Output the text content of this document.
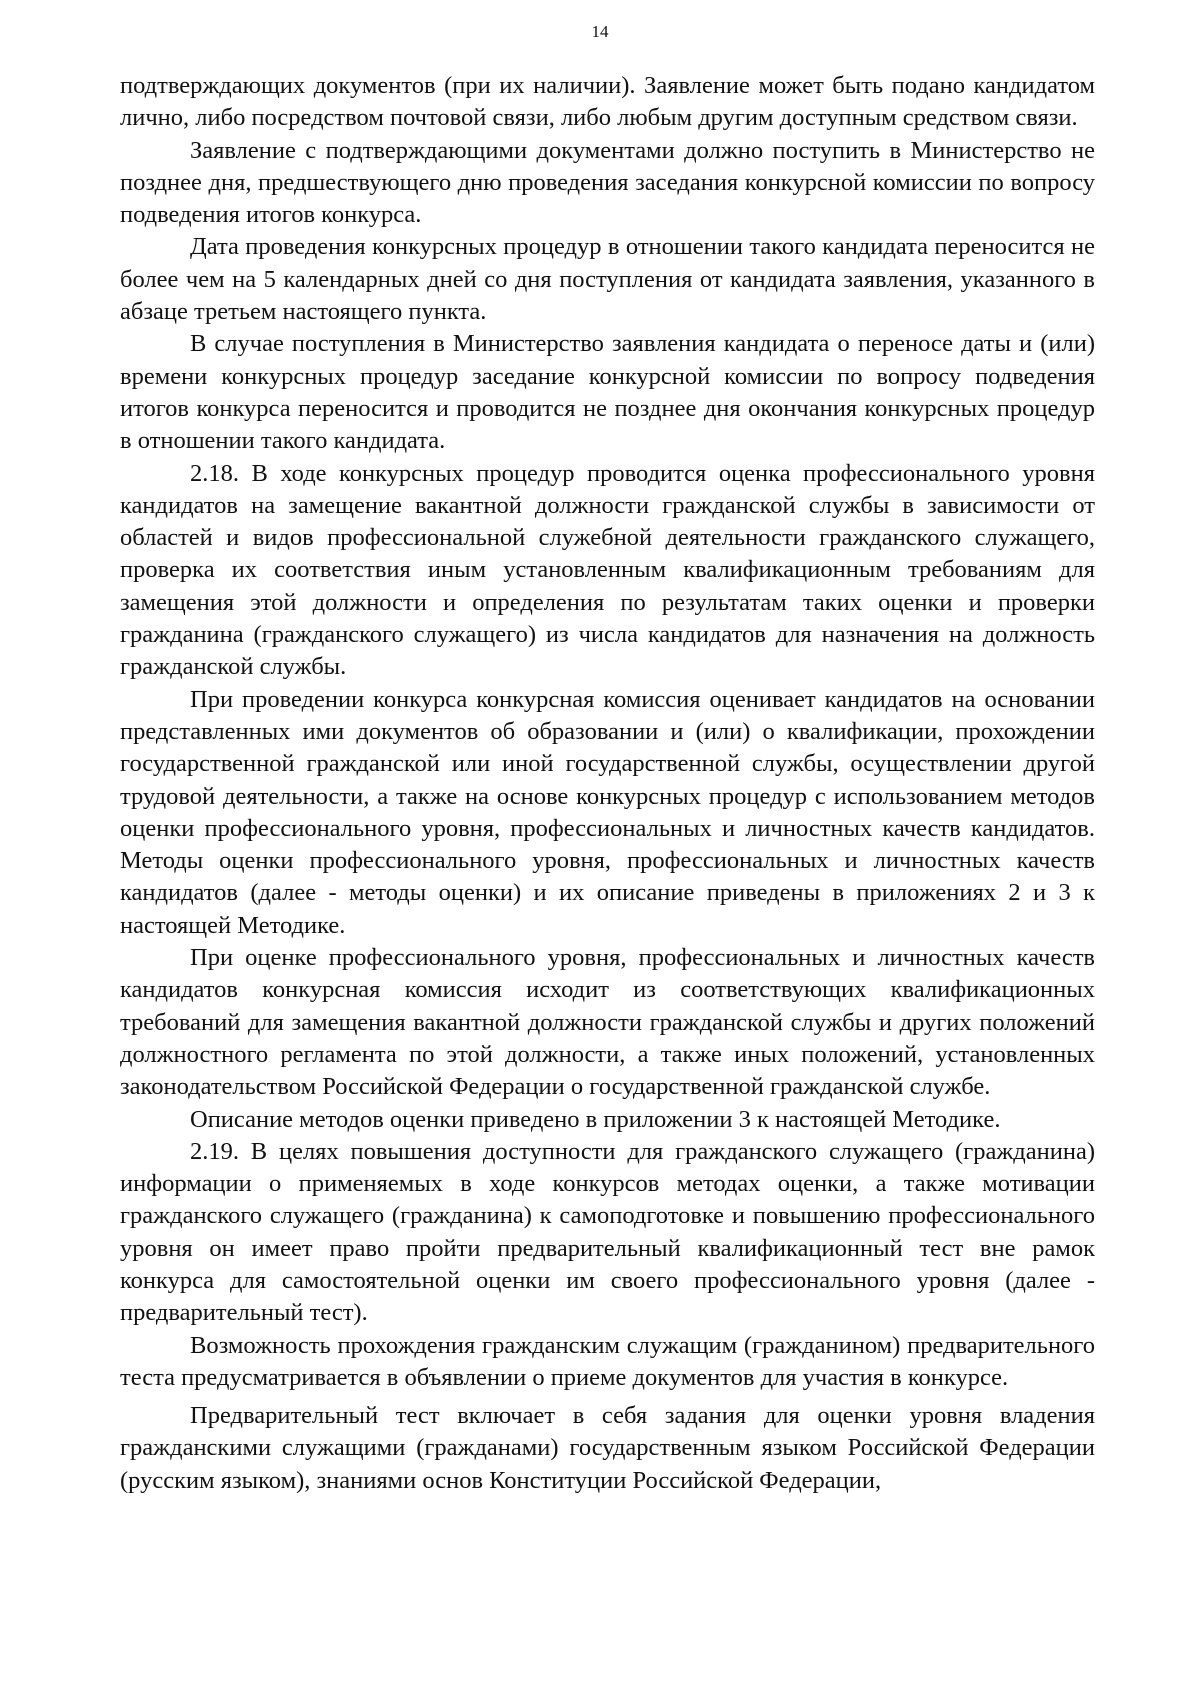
14

подтверждающих документов (при их наличии). Заявление может быть подано кандидатом лично, либо посредством почтовой связи, либо любым другим доступным средством связи.

Заявление с подтверждающими документами должно поступить в Министерство не позднее дня, предшествующего дню проведения заседания конкурсной комиссии по вопросу подведения итогов конкурса.

Дата проведения конкурсных процедур в отношении такого кандидата переносится не более чем на 5 календарных дней со дня поступления от кандидата заявления, указанного в абзаце третьем настоящего пункта.

В случае поступления в Министерство заявления кандидата о переносе даты и (или) времени конкурсных процедур заседание конкурсной комиссии по вопросу подведения итогов конкурса переносится и проводится не позднее дня окончания конкурсных процедур в отношении такого кандидата.

2.18. В ходе конкурсных процедур проводится оценка профессионального уровня кандидатов на замещение вакантной должности гражданской службы в зависимости от областей и видов профессиональной служебной деятельности гражданского служащего, проверка их соответствия иным установленным квалификационным требованиям для замещения этой должности и определения по результатам таких оценки и проверки гражданина (гражданского служащего) из числа кандидатов для назначения на должность гражданской службы.

При проведении конкурса конкурсная комиссия оценивает кандидатов на основании представленных ими документов об образовании и (или) о квалификации, прохождении государственной гражданской или иной государственной службы, осуществлении другой трудовой деятельности, а также на основе конкурсных процедур с использованием методов оценки профессионального уровня, профессиональных и личностных качеств кандидатов. Методы оценки профессионального уровня, профессиональных и личностных качеств кандидатов (далее - методы оценки) и их описание приведены в приложениях 2 и 3 к настоящей Методике.

При оценке профессионального уровня, профессиональных и личностных качеств кандидатов конкурсная комиссия исходит из соответствующих квалификационных требований для замещения вакантной должности гражданской службы и других положений должностного регламента по этой должности, а также иных положений, установленных законодательством Российской Федерации о государственной гражданской службе.

Описание методов оценки приведено в приложении 3 к настоящей Методике.

2.19. В целях повышения доступности для гражданского служащего (гражданина) информации о применяемых в ходе конкурсов методах оценки, а также мотивации гражданского служащего (гражданина) к самоподготовке и повышению профессионального уровня он имеет право пройти предварительный квалификационный тест вне рамок конкурса для самостоятельной оценки им своего профессионального уровня (далее - предварительный тест).

Возможность прохождения гражданским служащим (гражданином) предварительного теста предусматривается в объявлении о приеме документов для участия в конкурсе.

Предварительный тест включает в себя задания для оценки уровня владения гражданскими служащими (гражданами) государственным языком Российской Федерации (русским языком), знаниями основ Конституции Российской Федерации,
